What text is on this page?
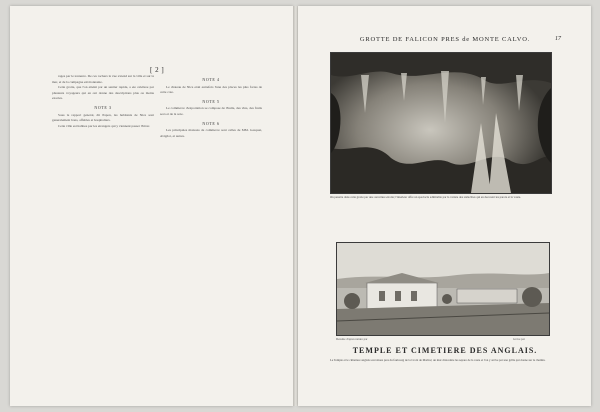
[ 2 ]

rages par le tonnerre. De ces rochers la vue s'etend sur la ville et sur la mer, et de la campagne environnante.

Cette grotte, que l'on atteint par un sentier rapide, a ete celebree par plusieurs voyageurs qui en ont donne des descriptions plus ou moins exactes.

NOTE 3

Sous le rapport general, dit Papon, les habitants de Nice sont generalement bons, affables et hospitaliers.

Cette ville est habitee par les etrangers qui y viennent passer l'hiver.

NOTE 4

Le chateau de Nice etait autrefois l'une des places les plus fortes de cette cote.

NOTE 5

Le commerce d'exportation se compose de l'huile, des vins, des fruits secs et de la soie.

NOTE 6

Les principales maisons de commerce sont celles de MM. Gasquet, Avigdor, et autres.

GROTTE DE FALICON PRES de MONTE CALVO.	17
On penetre dans cette grotte par une ouverture etroite; l'interieur offre un spectacle admirable par la variete des stalactites qui en decorent les parois et la voute.
Dessine d'apres nature par	Grave par
TEMPLE ET CIMETIERE DES ANGLAIS.
Le Temple et le cimetiere anglais sont situes pres du faubourg de la Croix de Marbre; un mur d'enceinte les separe de la route et l'on y arrive par une grille qui donne sur le chemin.
